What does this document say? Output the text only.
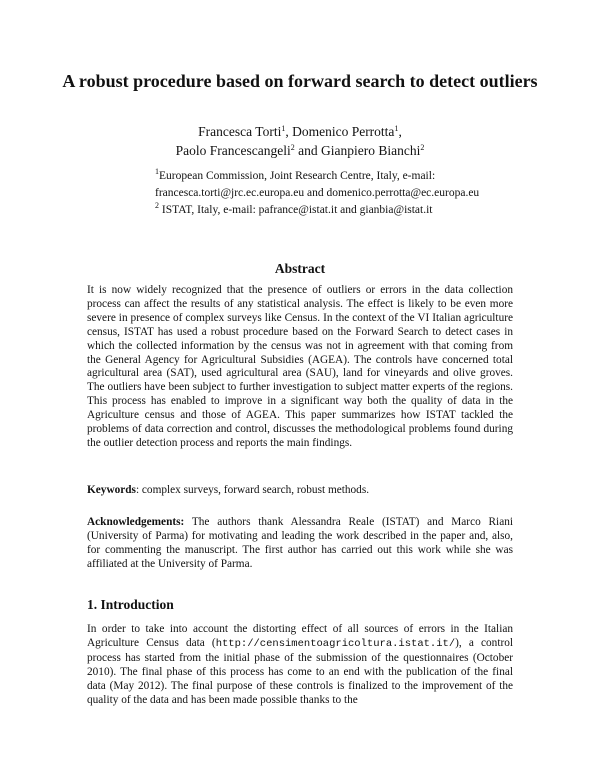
A robust procedure based on forward search to detect outliers
Francesca Torti$^1$, Domenico Perrotta$^1$,
Paolo Francescangeli$^2$ and Gianpiero Bianchi$^2$
$^1$European Commission, Joint Research Centre, Italy, e-mail:
francesca.torti@jrc.ec.europa.eu and domenico.perrotta@ec.europa.eu
$^2$ ISTAT, Italy, e-mail: pafrance@istat.it and gianbia@istat.it
Abstract
It is now widely recognized that the presence of outliers or errors in the data collection process can affect the results of any statistical analysis. The effect is likely to be even more severe in presence of complex surveys like Census. In the context of the VI Italian agriculture census, ISTAT has used a robust procedure based on the Forward Search to detect cases in which the collected information by the census was not in agreement with that coming from the General Agency for Agricultural Subsidies (AGEA). The controls have concerned total agricultural area (SAT), used agricultural area (SAU), land for vineyards and olive groves. The outliers have been subject to further investigation to subject matter experts of the regions. This process has enabled to improve in a significant way both the quality of data in the Agriculture census and those of AGEA. This paper summarizes how ISTAT tackled the problems of data correction and control, discusses the methodological problems found during the outlier detection process and reports the main findings.
Keywords: complex surveys, forward search, robust methods.
Acknowledgements: The authors thank Alessandra Reale (ISTAT) and Marco Riani (University of Parma) for motivating and leading the work described in the paper and, also, for commenting the manuscript. The first author has carried out this work while she was affiliated at the University of Parma.
1. Introduction
In order to take into account the distorting effect of all sources of errors in the Italian Agriculture Census data (http://censimentoagricoltura.istat.it/), a control process has started from the initial phase of the submission of the questionnaires (October 2010). The final phase of this process has come to an end with the publication of the final data (May 2012). The final purpose of these controls is finalized to the improvement of the quality of the data and has been made possible thanks to the
